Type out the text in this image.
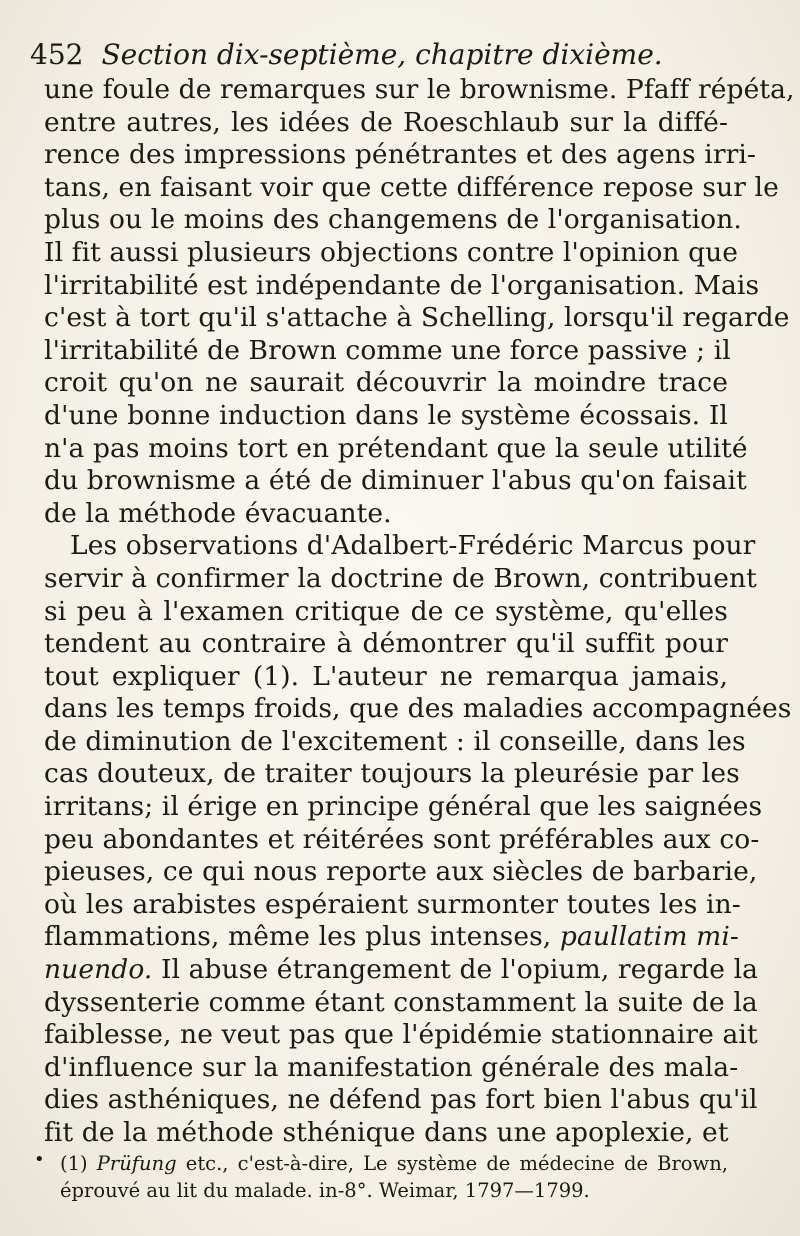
452 Section dix-septième, chapitre dixième.
une foule de remarques sur le brownisme. Pfaff répéta,
entre autres, les idées de Roeschlaub sur la diffé-
rence des impressions pénétrantes et des agens irri-
tans, en faisant voir que cette différence repose sur le
plus ou le moins des changemens de l'organisation.
Il fit aussi plusieurs objections contre l'opinion que
l'irritabilité est indépendante de l'organisation. Mais
c'est à tort qu'il s'attache à Schelling, lorsqu'il regarde
l'irritabilité de Brown comme une force passive ; il
croit qu'on ne saurait découvrir la moindre trace
d'une bonne induction dans le système écossais. Il
n'a pas moins tort en prétendant que la seule utilité
du brownisme a été de diminuer l'abus qu'on faisait
de la méthode évacuante.
Les observations d'Adalbert-Frédéric Marcus pour
servir à confirmer la doctrine de Brown, contribuent
si peu à l'examen critique de ce système, qu'elles
tendent au contraire à démontrer qu'il suffit pour
tout expliquer (1). L'auteur ne remarqua jamais,
dans les temps froids, que des maladies accompagnées
de diminution de l'excitement : il conseille, dans les
cas douteux, de traiter toujours la pleurésie par les
irritans; il érige en principe général que les saignées
peu abondantes et réitérées sont préférables aux co-
pieuses, ce qui nous reporte aux siècles de barbarie,
où les arabistes espéraient surmonter toutes les in-
flammations, même les plus intenses, paullatim mi-
nuendo. Il abuse étrangement de l'opium, regarde la
dyssenterie comme étant constamment la suite de la
faiblesse, ne veut pas que l'épidémie stationnaire ait
d'influence sur la manifestation générale des mala-
dies asthéniques, ne défend pas fort bien l'abus qu'il
fit de la méthode sthénique dans une apoplexie, et
• (1) Prüfung etc., c'est-à-dire, Le système de médecine de Brown,
éprouvé au lit du malade. in-8°. Weimar, 1797—1799.
